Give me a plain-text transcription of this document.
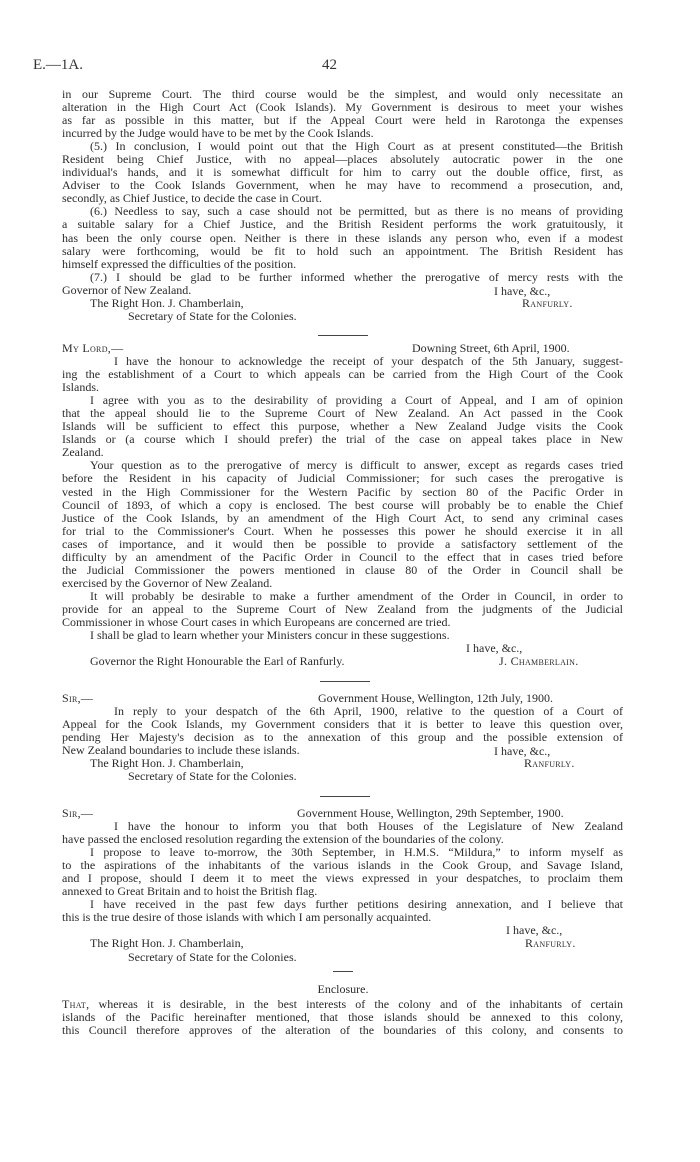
E.—1A.	42
in our Supreme Court. The third course would be the simplest, and would only necessitate an
alteration in the High Court Act (Cook Islands). My Government is desirous to meet your wishes
as far as possible in this matter, but if the Appeal Court were held in Rarotonga the expenses
incurred by the Judge would have to be met by the Cook Islands.
(5.) In conclusion, I would point out that the High Court as at present constituted—the British
Resident being Chief Justice, with no appeal—places absolutely autocratic power in the one
individual's hands, and it is somewhat difficult for him to carry out the double office, first, as
Adviser to the Cook Islands Government, when he may have to recommend a prosecution, and,
secondly, as Chief Justice, to decide the case in Court.
(6.) Needless to say, such a case should not be permitted, but as there is no means of providing
a suitable salary for a Chief Justice, and the British Resident performs the work gratuitously, it
has been the only course open. Neither is there in these islands any person who, even if a modest
salary were forthcoming, would be fit to hold such an appointment. The British Resident has
himself expressed the difficulties of the position.
(7.) I should be glad to be further informed whether the prerogative of mercy rests with the
Governor of New Zealand.	I have, &c.,
The Right Hon. J. Chamberlain,	Ranfurly.
Secretary of State for the Colonies.
My Lord,—	Downing Street, 6th April, 1900.
I have the honour to acknowledge the receipt of your despatch of the 5th January, suggest-
ing the establishment of a Court to which appeals can be carried from the High Court of the Cook
Islands.
I agree with you as to the desirability of providing a Court of Appeal, and I am of opinion
that the appeal should lie to the Supreme Court of New Zealand. An Act passed in the Cook
Islands will be sufficient to effect this purpose, whether a New Zealand Judge visits the Cook
Islands or (a course which I should prefer) the trial of the case on appeal takes place in New
Zealand.
Your question as to the prerogative of mercy is difficult to answer, except as regards cases tried
before the Resident in his capacity of Judicial Commissioner; for such cases the prerogative is
vested in the High Commissioner for the Western Pacific by section 80 of the Pacific Order in
Council of 1893, of which a copy is enclosed. The best course will probably be to enable the Chief
Justice of the Cook Islands, by an amendment of the High Court Act, to send any criminal cases
for trial to the Commissioner's Court. When he possesses this power he should exercise it in all
cases of importance, and it would then be possible to provide a satisfactory settlement of the
difficulty by an amendment of the Pacific Order in Council to the effect that in cases tried before
the Judicial Commissioner the powers mentioned in clause 80 of the Order in Council shall be
exercised by the Governor of New Zealand.
It will probably be desirable to make a further amendment of the Order in Council, in order to
provide for an appeal to the Supreme Court of New Zealand from the judgments of the Judicial
Commissioner in whose Court cases in which Europeans are concerned are tried.
I shall be glad to learn whether your Ministers concur in these suggestions.
I have, &c.,
Governor the Right Honourable the Earl of Ranfurly.	J. Chamberlain.
Sir,—	Government House, Wellington, 12th July, 1900.
In reply to your despatch of the 6th April, 1900, relative to the question of a Court of
Appeal for the Cook Islands, my Government considers that it is better to leave this question over,
pending Her Majesty's decision as to the annexation of this group and the possible extension of
New Zealand boundaries to include these islands.	I have, &c.,
The Right Hon. J. Chamberlain,	Ranfurly.
Secretary of State for the Colonies.
Sir,—	Government House, Wellington, 29th September, 1900.
I have the honour to inform you that both Houses of the Legislature of New Zealand
have passed the enclosed resolution regarding the extension of the boundaries of the colony.
I propose to leave to-morrow, the 30th September, in H.M.S. “Mildura,” to inform myself as
to the aspirations of the inhabitants of the various islands in the Cook Group, and Savage Island,
and I propose, should I deem it to meet the views expressed in your despatches, to proclaim them
annexed to Great Britain and to hoist the British flag.
I have received in the past few days further petitions desiring annexation, and I believe that
this is the true desire of those islands with which I am personally acquainted.
I have, &c.,
The Right Hon. J. Chamberlain,	Ranfurly.
Secretary of State for the Colonies.
Enclosure.
That, whereas it is desirable, in the best interests of the colony and of the inhabitants of certain
islands of the Pacific hereinafter mentioned, that those islands should be annexed to this colony,
this Council therefore approves of the alteration of the boundaries of this colony, and consents to
